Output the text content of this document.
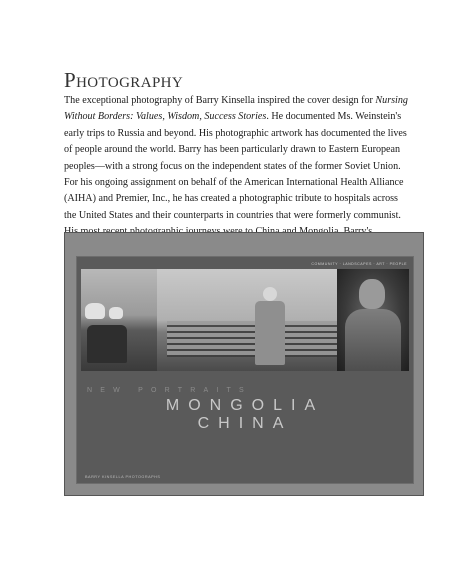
Photography

The exceptional photography of Barry Kinsella inspired the cover design for Nursing Without Borders: Values, Wisdom, Success Stories. He documented Ms. Weinstein's early trips to Russia and beyond. His photographic artwork has documented the lives of people around the world. Barry has been particularly drawn to Eastern European peoples—with a strong focus on the independent states of the former Soviet Union. For his ongoing assignment on behalf of the American International Health Alliance (AIHA) and Premier, Inc., he has created a photographic tribute to hospitals across the United States and their counterparts in countries that were formerly communist.

COMMUNITY · LANDSCAPES · ART · PEOPLE
NEW PORTRAITS
MONGOLIA
CHINA
BARRY KINSELLA PHOTOGRAPHS
